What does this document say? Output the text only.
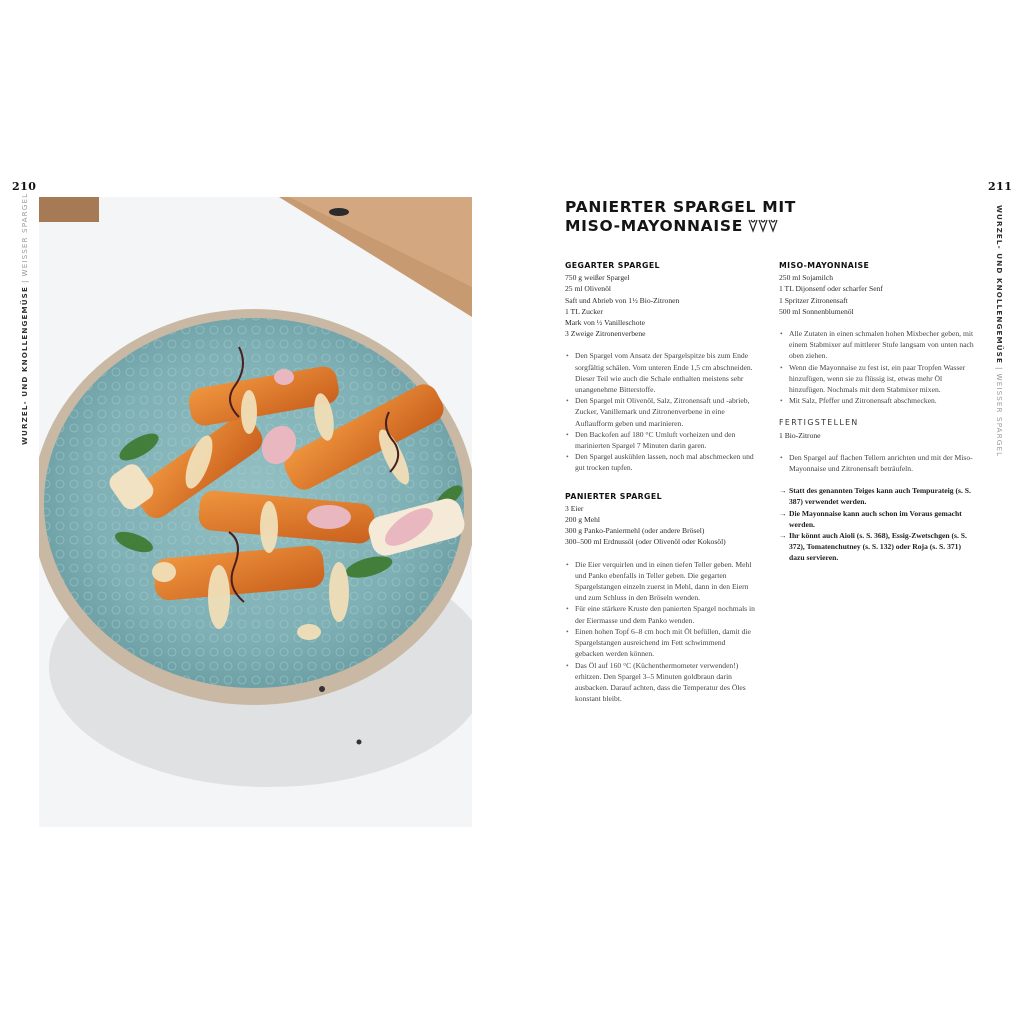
210	211
WURZEL- UND KNOLLENGEMÜSE|WEISSER SPARGEL	WURZEL- UND KNOLLENGEMÜSE|WEISSER SPARGEL
PANIERTER SPARGEL MIT
MISO-MAYONNAISE
GEGARTER SPARGEL
750 g weißer Spargel
25 ml Olivenöl
Saft und Abrieb von 1½ Bio-Zitronen
1 TL Zucker
Mark von ½ Vanilleschote
3 Zweige Zitronenverbene
• Den Spargel vom Ansatz der Spargelspitze bis zum Ende sorgfältig schälen. Vom unteren Ende 1,5 cm abschneiden. Dieser Teil wie auch die Schale enthalten meistens sehr unangenehme Bitterstoffe.
• Den Spargel mit Olivenöl, Salz, Zitronensaft und -abrieb, Zucker, Vanillemark und Zitronenverbene in eine Auflaufform geben und marinieren.
• Den Backofen auf 180 °C Umluft vorheizen und den marinierten Spargel 7 Minuten darin garen.
• Den Spargel auskühlen lassen, noch mal abschmecken und gut trocken tupfen.
PANIERTER SPARGEL
3 Eier
200 g Mehl
300 g Panko-Paniermehl (oder andere Brösel)
300–500 ml Erdnussöl (oder Olivenöl oder Kokosöl)
• Die Eier verquirlen und in einen tiefen Teller geben. Mehl und Panko ebenfalls in Teller geben. Die gegarten Spargelstangen einzeln zuerst in Mehl, dann in den Eiern und zum Schluss in den Bröseln wenden.
• Für eine stärkere Kruste den panierten Spargel nochmals in der Eiermasse und dem Panko wenden.
• Einen hohen Topf 6–8 cm hoch mit Öl befüllen, damit die Spargelstangen ausreichend im Fett schwimmend gebacken werden können.
• Das Öl auf 160 °C (Küchenthermometer verwenden!) erhitzen. Den Spargel 3–5 Minuten goldbraun darin ausbacken. Darauf achten, dass die Temperatur des Öles konstant bleibt.
MISO-MAYONNAISE
250 ml Sojamilch
1 TL Dijonsenf oder scharfer Senf
1 Spritzer Zitronensaft
500 ml Sonnenblumenöl
• Alle Zutaten in einen schmalen hohen Mixbecher geben, mit einem Stabmixer auf mittlerer Stufe langsam von unten nach oben ziehen.
• Wenn die Mayonnaise zu fest ist, ein paar Tropfen Wasser hinzufügen, wenn sie zu flüssig ist, etwas mehr Öl hinzufügen. Nochmals mit dem Stabmixer mixen.
• Mit Salz, Pfeffer und Zitronensaft abschmecken.
FERTIGSTELLEN
1 Bio-Zitrone
• Den Spargel auf flachen Tellern anrichten und mit der Miso-Mayonnaise und Zitronensaft beträufeln.
→ Statt des genannten Teiges kann auch Tempurateig (s. S. 387) verwendet werden.
→ Die Mayonnaise kann auch schon im Voraus gemacht werden.
→ Ihr könnt auch Aioli (s. S. 368), Essig-Zwetschgen (s. S. 372), Tomatenchutney (s. S. 132) oder Roja (s. S. 371) dazu servieren.
